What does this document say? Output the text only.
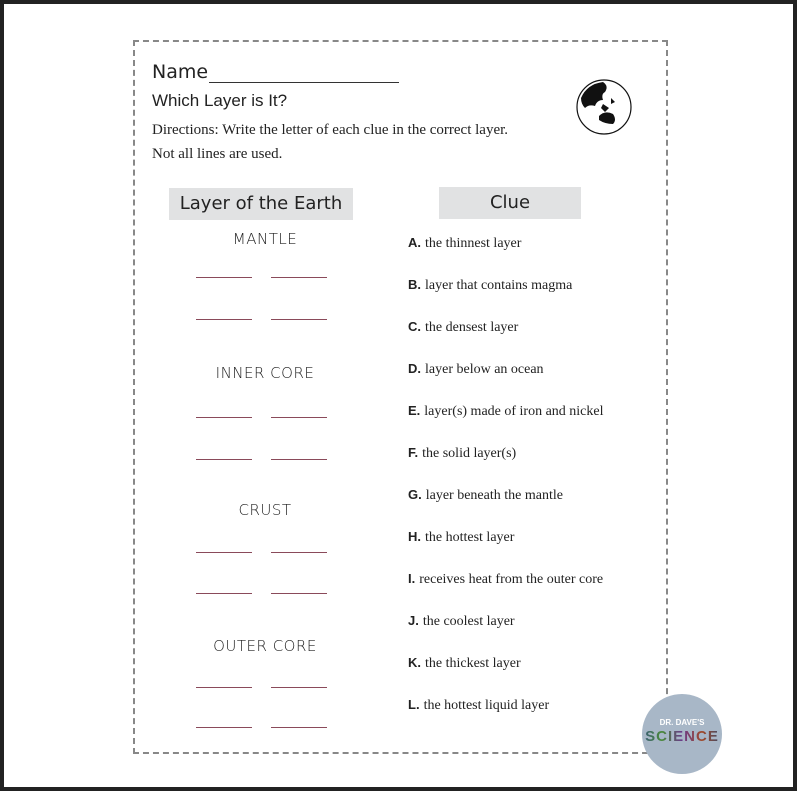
Name
Which Layer is It?
Directions: Write the letter of each clue in the correct layer.
Not all lines are used.
Layer of the Earth	Clue
MANTLE
INNER CORE
CRUST
OUTER CORE
A. the thinnest layer
B. layer that contains magma
C. the densest layer
D. layer below an ocean
E. layer(s) made of iron and nickel
F. the solid layer(s)
G. layer beneath the mantle
H. the hottest layer
I. receives heat from the outer core
J. the coolest layer
K. the thickest layer
L. the hottest liquid layer
DR. DAVE'S
SCIENCE
